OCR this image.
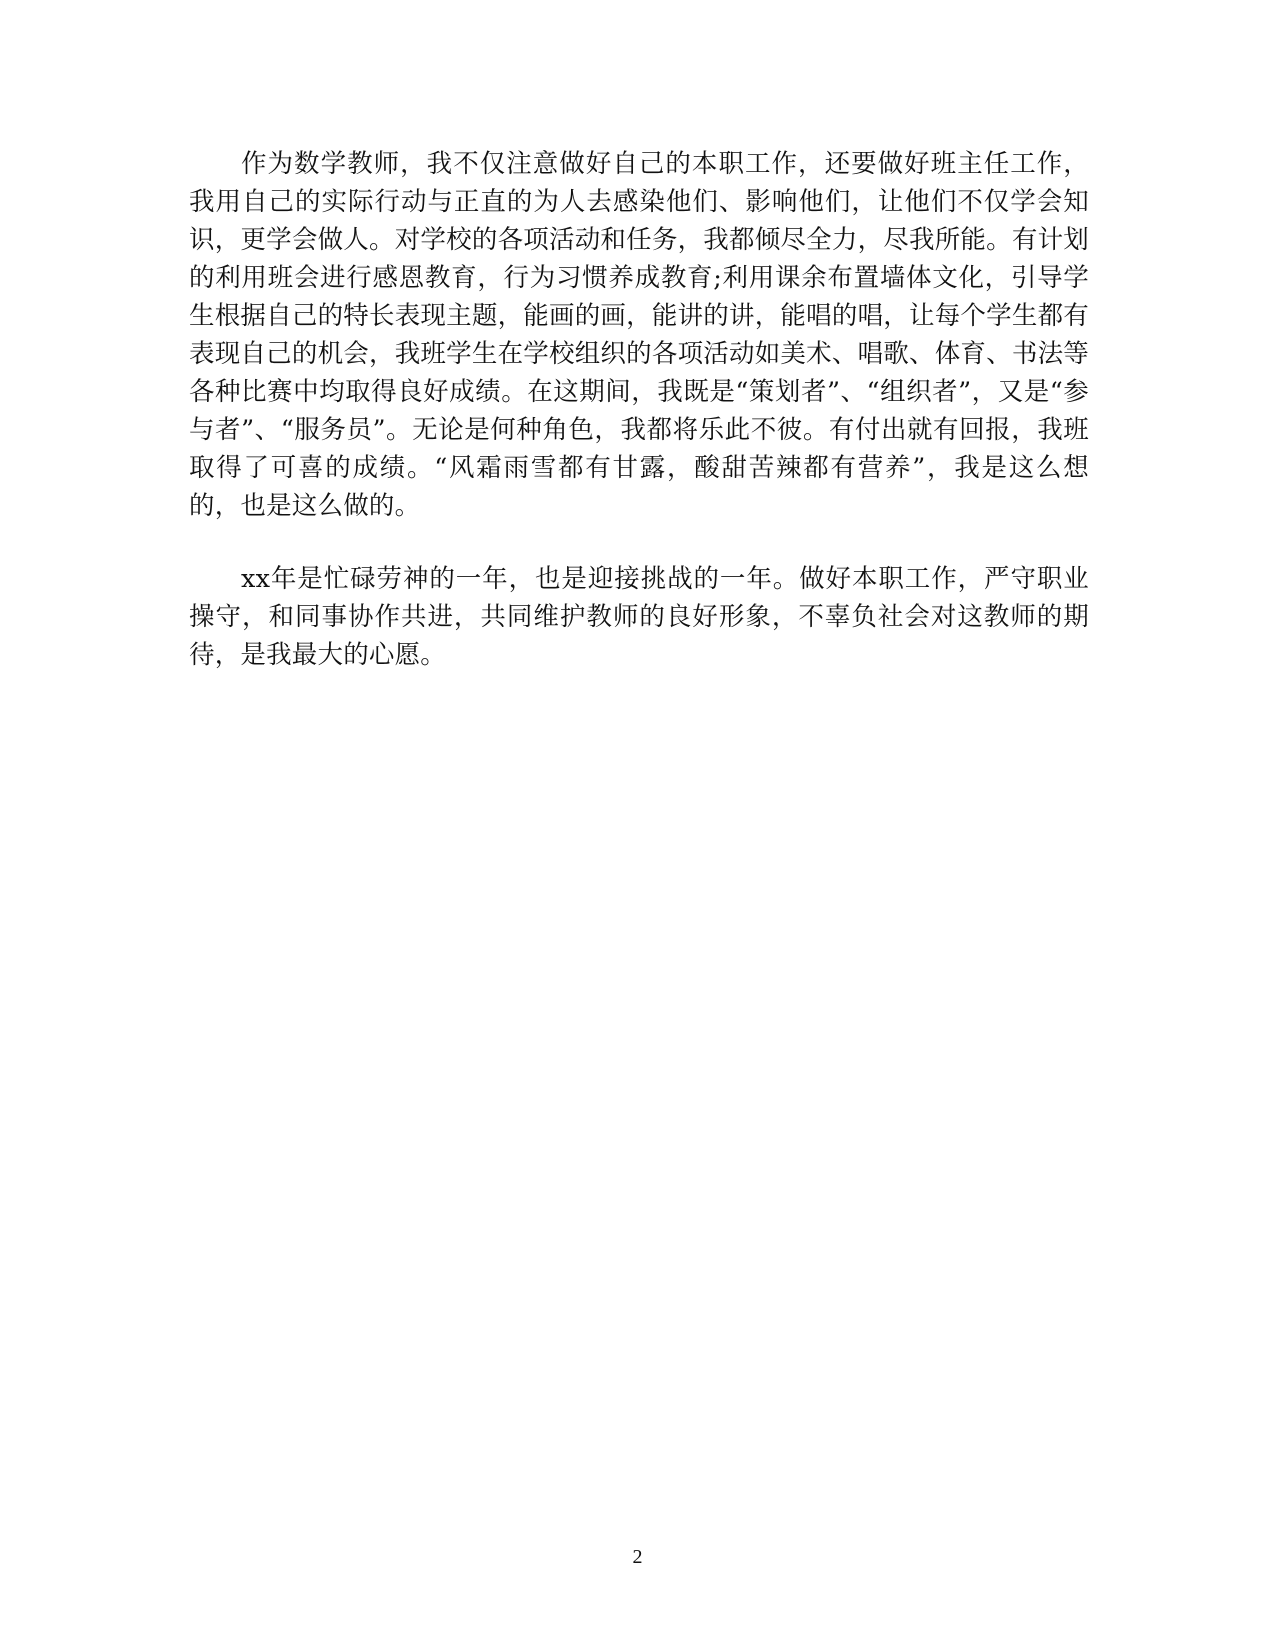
作为数学教师，我不仅注意做好自己的本职工作，还要做好班主任工作，我用自己的实际行动与正直的为人去感染他们、影响他们，让他们不仅学会知识，更学会做人。对学校的各项活动和任务，我都倾尽全力，尽我所能。有计划的利用班会进行感恩教育，行为习惯养成教育;利用课余布置墙体文化，引导学生根据自己的特长表现主题，能画的画，能讲的讲，能唱的唱，让每个学生都有表现自己的机会，我班学生在学校组织的各项活动如美术、唱歌、体育、书法等各种比赛中均取得良好成绩。在这期间，我既是“策划者”、“组织者”，又是“参与者”、“服务员”。无论是何种角色，我都将乐此不彼。有付出就有回报，我班取得了可喜的成绩。“风霜雨雪都有甘露，酸甜苦辣都有营养”，我是这么想的，也是这么做的。

xx年是忙碌劳神的一年，也是迎接挑战的一年。做好本职工作，严守职业操守，和同事协作共进，共同维护教师的良好形象，不辜负社会对这教师的期待，是我最大的心愿。

2
